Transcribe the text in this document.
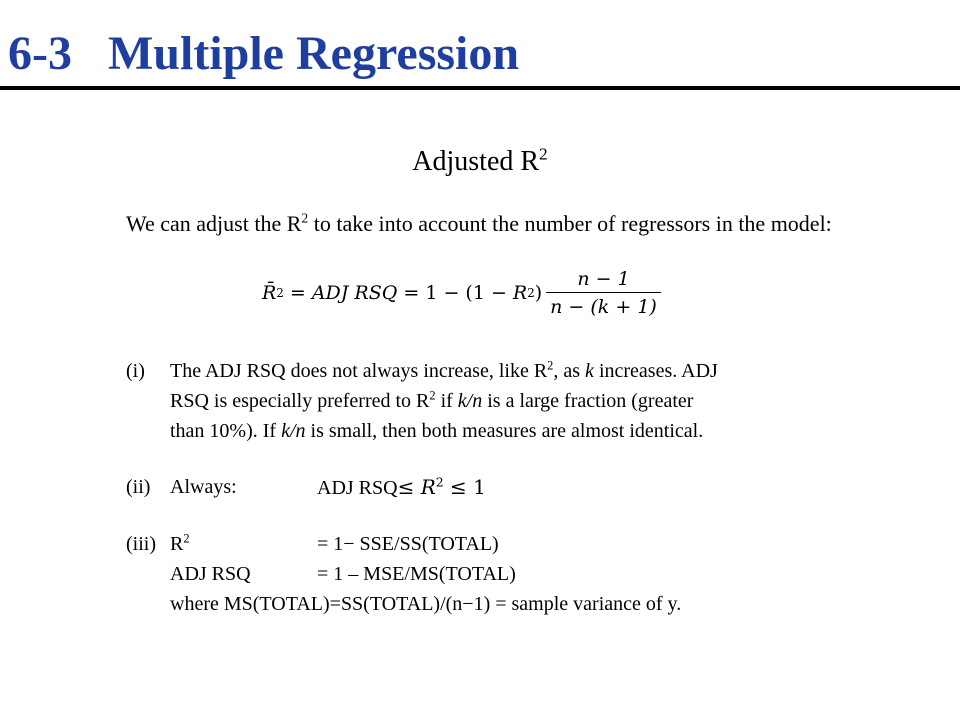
6-3   Multiple Regression
Adjusted $R^2$
We can adjust the $R^2$ to take into account the number of regressors in the model:
R̄ 2 = ADJ RSQ = 1 − (1 − R 2 ) $\frac{n - 1}{n - (k + 1)}$
(i)	The ADJ RSQ does not always increase, like $R^2$, as k increases. ADJ
RSQ is especially preferred to $R^2$ if k/n is a large fraction (greater
than 10%). If k/n is small, then both measures are almost identical.
(ii) Always:	ADJ $RSQ\le R^2 \le 1$
(iii) $R^2$	= 1− SSE/SS(TOTAL)
ADJ RSQ	= 1 – MSE/MS(TOTAL)
where MS(TOTAL)=SS(TOTAL)/(n−1) = sample variance of y.
